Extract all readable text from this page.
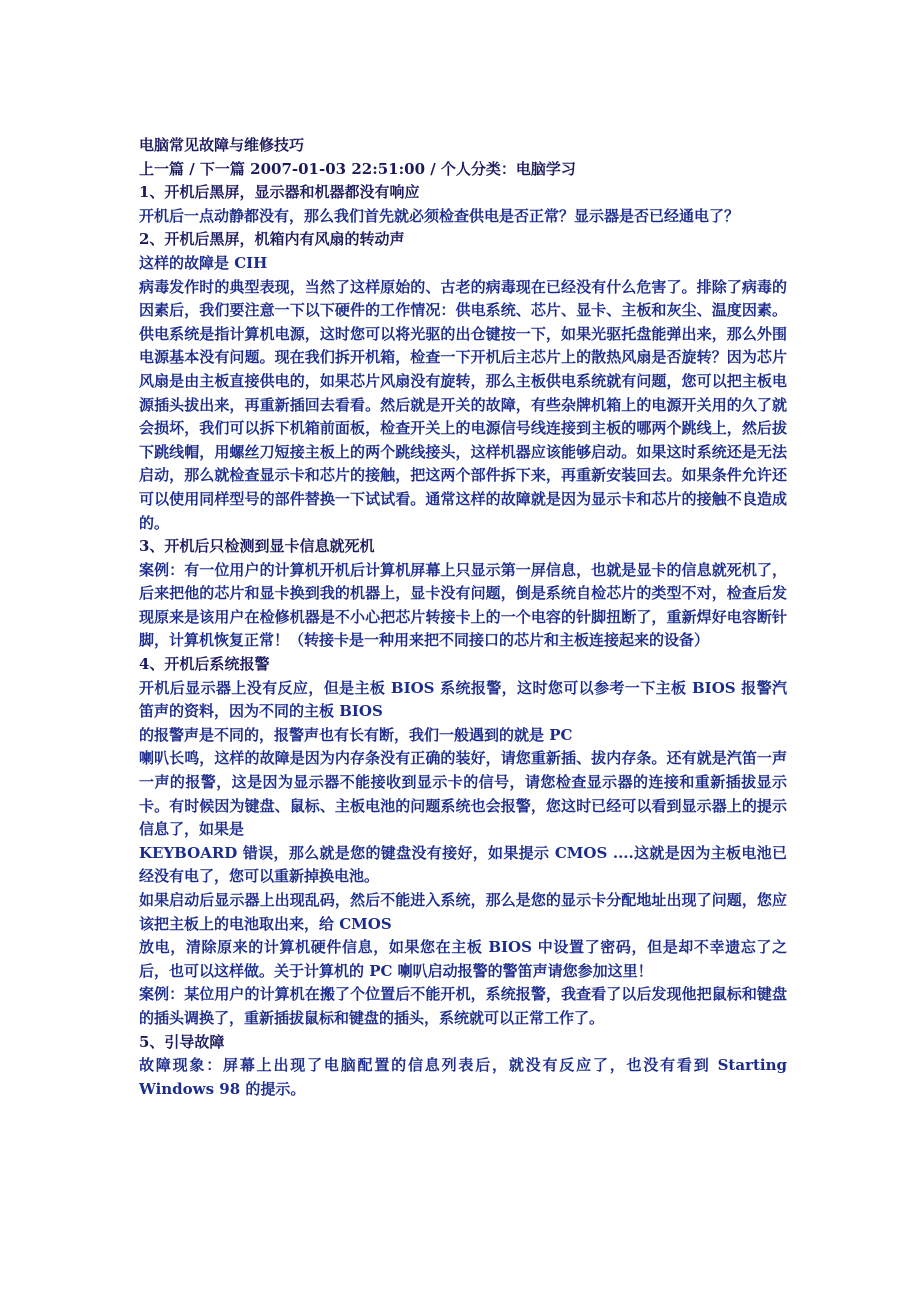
电脑常见故障与维修技巧
上一篇 / 下一篇 2007-01-03 22:51:00 / 个人分类：电脑学习
1、开机后黑屏，显示器和机器都没有响应
开机后一点动静都没有，那么我们首先就必须检查供电是否正常？显示器是否已经通电了？
2、开机后黑屏，机箱内有风扇的转动声
这样的故障是 CIH
病毒发作时的典型表现，当然了这样原始的、古老的病毒现在已经没有什么危害了。排除了病毒的因素后，我们要注意一下以下硬件的工作情况：供电系统、芯片、显卡、主板和灰尘、温度因素。供电系统是指计算机电源，这时您可以将光驱的出仓键按一下，如果光驱托盘能弹出来，那么外围电源基本没有问题。现在我们拆开机箱，检查一下开机后主芯片上的散热风扇是否旋转？因为芯片风扇是由主板直接供电的，如果芯片风扇没有旋转，那么主板供电系统就有问题，您可以把主板电源插头拔出来，再重新插回去看看。然后就是开关的故障，有些杂牌机箱上的电源开关用的久了就会损坏，我们可以拆下机箱前面板，检查开关上的电源信号线连接到主板的哪两个跳线上，然后拔下跳线帽，用螺丝刀短接主板上的两个跳线接头，这样机器应该能够启动。如果这时系统还是无法启动，那么就检查显示卡和芯片的接触，把这两个部件拆下来，再重新安装回去。如果条件允许还可以使用同样型号的部件替换一下试试看。通常这样的故障就是因为显示卡和芯片的接触不良造成的。
3、开机后只检测到显卡信息就死机
案例：有一位用户的计算机开机后计算机屏幕上只显示第一屏信息，也就是显卡的信息就死机了，后来把他的芯片和显卡换到我的机器上，显卡没有问题，倒是系统自检芯片的类型不对，检查后发现原来是该用户在检修机器是不小心把芯片转接卡上的一个电容的针脚扭断了，重新焊好电容断针脚，计算机恢复正常！（转接卡是一种用来把不同接口的芯片和主板连接起来的设备）
4、开机后系统报警
开机后显示器上没有反应，但是主板 BIOS 系统报警，这时您可以参考一下主板 BIOS 报警汽笛声的资料，因为不同的主板 BIOS
的报警声是不同的，报警声也有长有断，我们一般遇到的就是 PC
喇叭长鸣，这样的故障是因为内存条没有正确的装好，请您重新插、拔内存条。还有就是汽笛一声一声的报警，这是因为显示器不能接收到显示卡的信号，请您检查显示器的连接和重新插拔显示卡。有时候因为键盘、鼠标、主板电池的问题系统也会报警，您这时已经可以看到显示器上的提示信息了，如果是
KEYBOARD 错误，那么就是您的键盘没有接好，如果提示 CMOS ....这就是因为主板电池已经没有电了，您可以重新掉换电池。
如果启动后显示器上出现乱码，然后不能进入系统，那么是您的显示卡分配地址出现了问题，您应该把主板上的电池取出来，给 CMOS
放电，清除原来的计算机硬件信息，如果您在主板 BIOS 中设置了密码，但是却不幸遗忘了之后，也可以这样做。关于计算机的 PC 喇叭启动报警的警笛声请您参加这里！
案例：某位用户的计算机在搬了个位置后不能开机，系统报警，我查看了以后发现他把鼠标和键盘的插头调换了，重新插拔鼠标和键盘的插头，系统就可以正常工作了。
5、引导故障
故障现象：屏幕上出现了电脑配置的信息列表后，就没有反应了，也没有看到 Starting Windows 98 的提示。
